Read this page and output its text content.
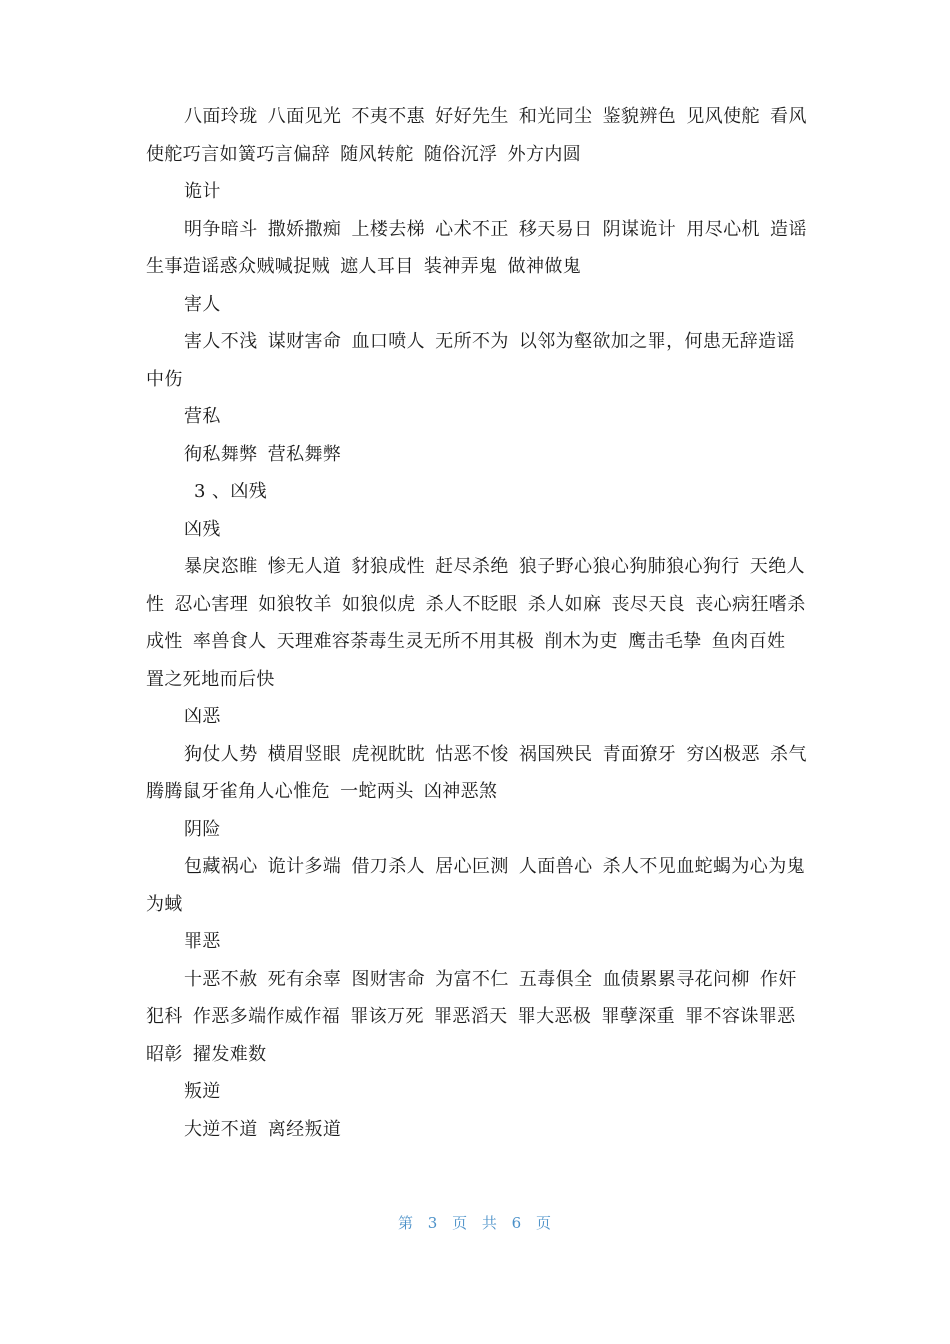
八面玲珑 八面见光 不夷不惠 好好先生 和光同尘 鉴貌辨色 见风使舵 看风使舵巧言如簧巧言偏辞 随风转舵 随俗沉浮 外方内圆

诡计

明争暗斗 撒娇撒痴 上楼去梯 心术不正 移天易日 阴谋诡计 用尽心机 造谣生事造谣惑众贼喊捉贼 遮人耳目 装神弄鬼 做神做鬼

害人

害人不浅 谋财害命 血口喷人 无所不为 以邻为壑欲加之罪，何患无辞造谣中伤

营私

徇私舞弊 营私舞弊

3 、凶残

凶残

暴戾恣睢 惨无人道 豺狼成性 赶尽杀绝 狼子野心狼心狗肺狼心狗行 天绝人性 忍心害理 如狼牧羊 如狼似虎 杀人不眨眼 杀人如麻 丧尽天良 丧心病狂嗜杀成性 率兽食人 天理难容荼毒生灵无所不用其极 削木为吏 鹰击毛挚 鱼肉百姓 置之死地而后快

凶恶

狗仗人势 横眉竖眼 虎视眈眈 怙恶不悛 祸国殃民 青面獠牙 穷凶极恶 杀气腾腾鼠牙雀角人心惟危 一蛇两头 凶神恶煞

阴险

包藏祸心 诡计多端 借刀杀人 居心叵测 人面兽心 杀人不见血蛇蝎为心为鬼为蜮

罪恶

十恶不赦 死有余辜 图财害命 为富不仁 五毒俱全 血债累累寻花问柳 作奸犯科 作恶多端作威作福 罪该万死 罪恶滔天 罪大恶极 罪孽深重 罪不容诛罪恶昭彰 擢发难数

叛逆

大逆不道 离经叛道

第 3 页 共 6 页
